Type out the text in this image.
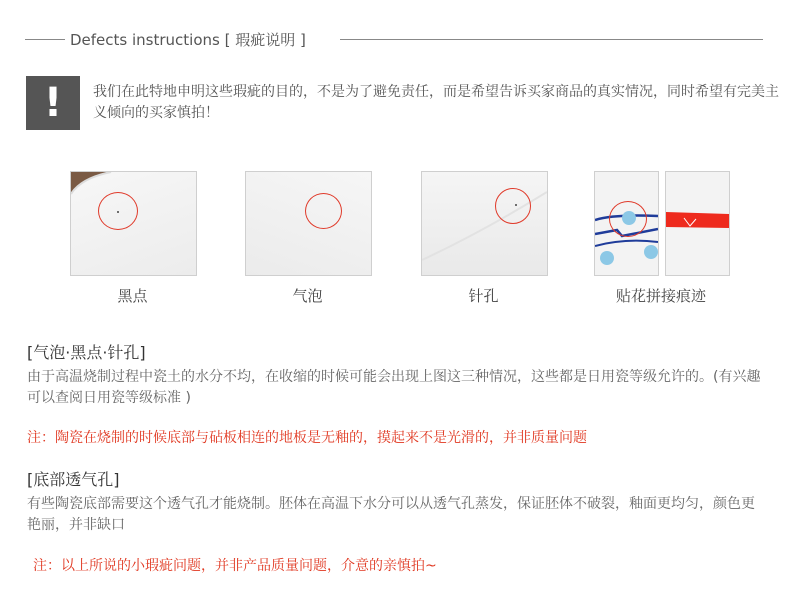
Defects instructions [ 瑕疵说明 ]
!	我们在此特地申明这些瑕疵的目的，不是为了避免责任，而是希望告诉买家商品的真实情况，同时希望有完美主义倾向的买家慎拍！
黑点	气泡	针孔	贴花拼接痕迹
[气泡·黑点·针孔]
由于高温烧制过程中瓷土的水分不均，在收缩的时候可能会出现上图这三种情况，这些都是日用瓷等级允许的。(有兴趣可以查阅日用瓷等级标准 )
注：陶瓷在烧制的时候底部与砧板相连的地板是无釉的，摸起来不是光滑的，并非质量问题
[底部透气孔]
有些陶瓷底部需要这个透气孔才能烧制。胚体在高温下水分可以从透气孔蒸发，保证胚体不破裂，釉面更均匀，颜色更艳丽，并非缺口
注：以上所说的小瑕疵问题，并非产品质量问题，介意的亲慎拍~
